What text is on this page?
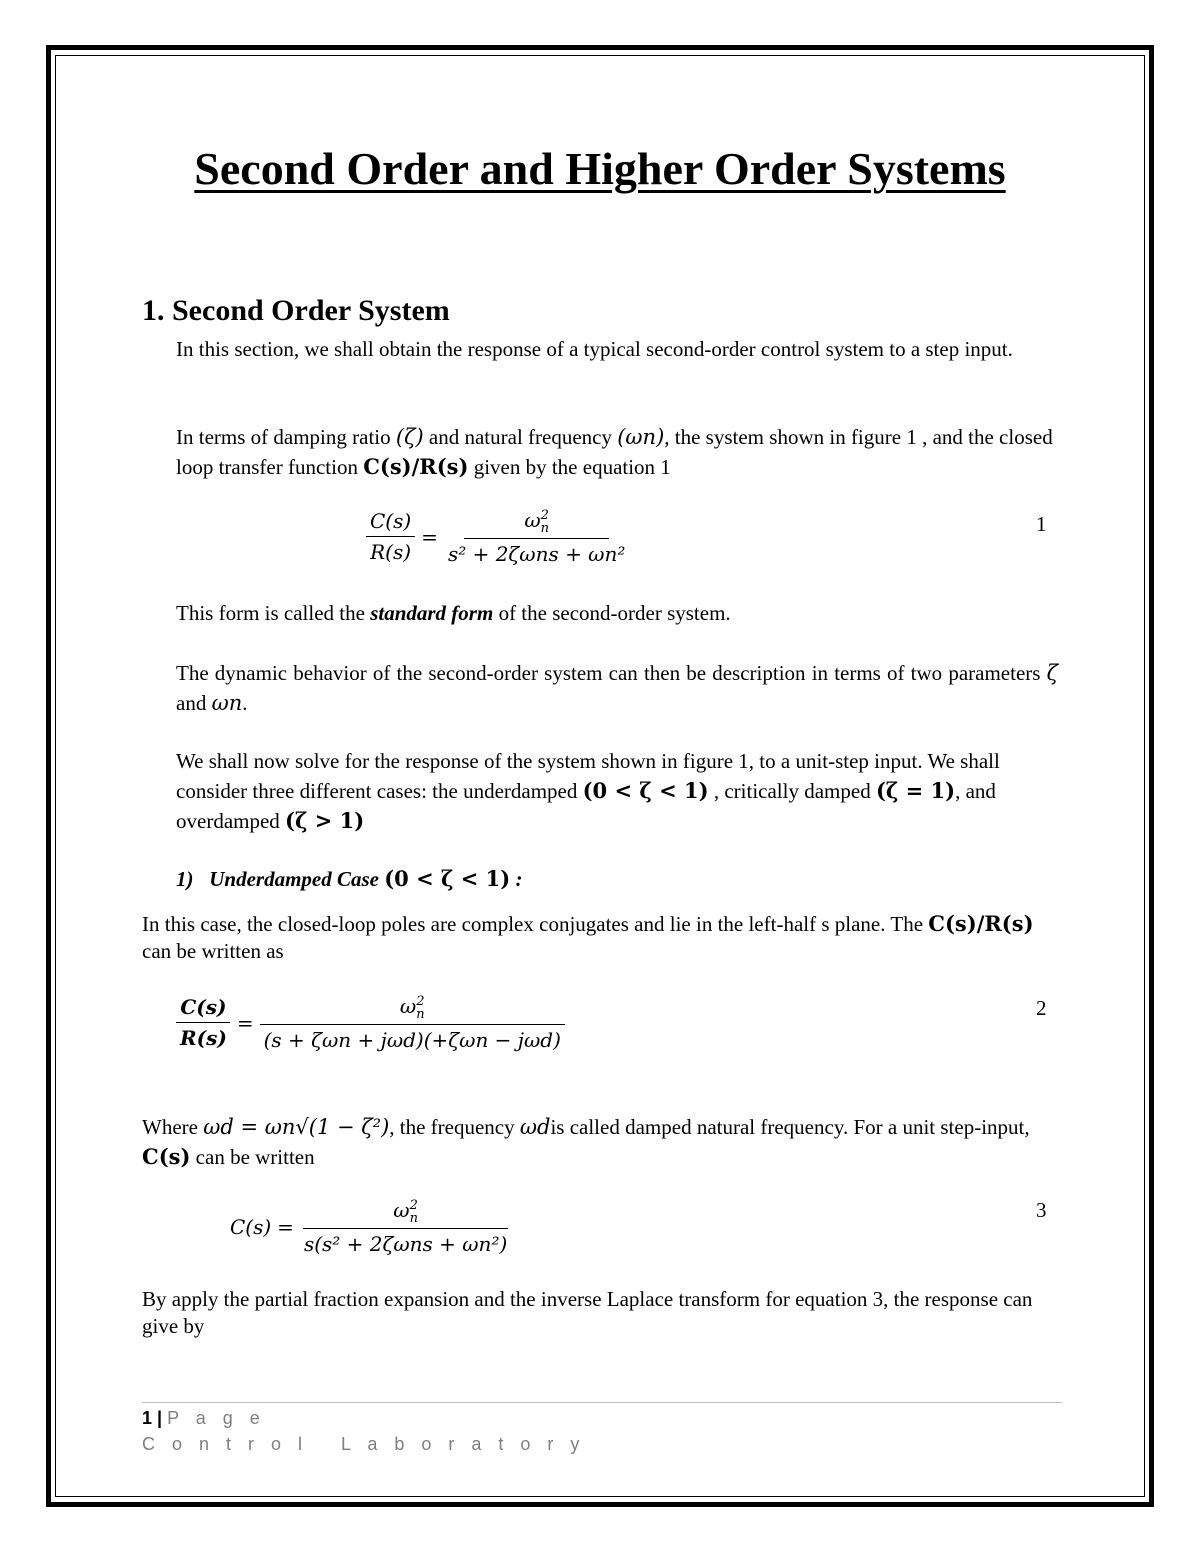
Second Order and Higher Order Systems
1. Second Order System
In this section, we shall obtain the response of a typical second-order control system to a step input.
In terms of damping ratio (ζ) and natural frequency (ωn), the system shown in figure 1 , and the closed loop transfer function C(s)/R(s) given by the equation 1
$\frac{C(s)}{R(s)} = \omega$ 2
n
s² + 2ζωns + ωn²	1
This form is called the standard form of the second-order system.
The dynamic behavior of the second-order system can then be description in terms of two parameters ζ and ωn.
We shall now solve for the response of the system shown in figure 1, to a unit-step input. We shall consider three different cases: the underdamped (0 < ζ < 1) , critically damped (ζ = 1), and overdamped (ζ > 1)
1) Underdamped Case (0 < ζ < 1) :
In this case, the closed-loop poles are complex conjugates and lie in the left-half s plane. The C(s)/R(s) can be written as
$\frac{C(s)}{R(s)} = \omega$ 2
n
(s + ζωn + jωd)(+ζωn − jωd)	2
Where ωd = ωn√(1 − ζ²), the frequency ωdis called damped natural frequency. For a unit step-input, C(s) can be written
C(s) = ω 2
n
s(s² + 2ζωns + ωn²)	3
By apply the partial fraction expansion and the inverse Laplace transform for equation 3, the response can give by
1 | P a g e
C o n t r o l   L a b o r a t o r y
